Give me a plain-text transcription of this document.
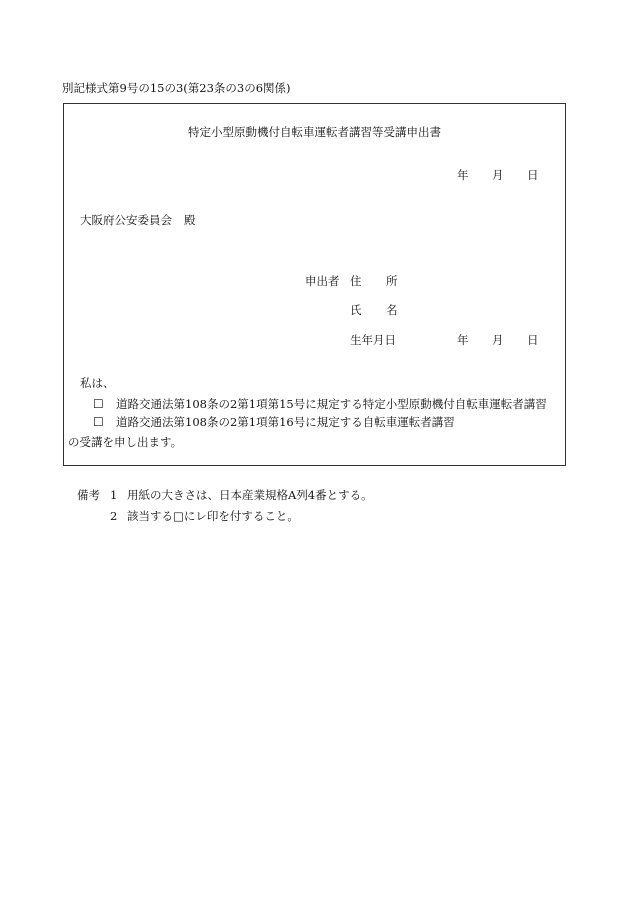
別記様式第9号の15の3(第23条の3の6関係)
特定小型原動機付自転車運転者講習等受講申出書
年 月 日
大阪府公安委員会 殿
申出者 住 所
氏 名
生年月日	年 月 日
私は、
☐ 道路交通法第108条の2第1項第15号に規定する特定小型原動機付自転車運転者講習
☐ 道路交通法第108条の2第1項第16号に規定する自転車運転者講習
の受講を申し出ます。
備考 1 用紙の大きさは、日本産業規格A列4番とする。
2 該当する□にレ印を付すること。
